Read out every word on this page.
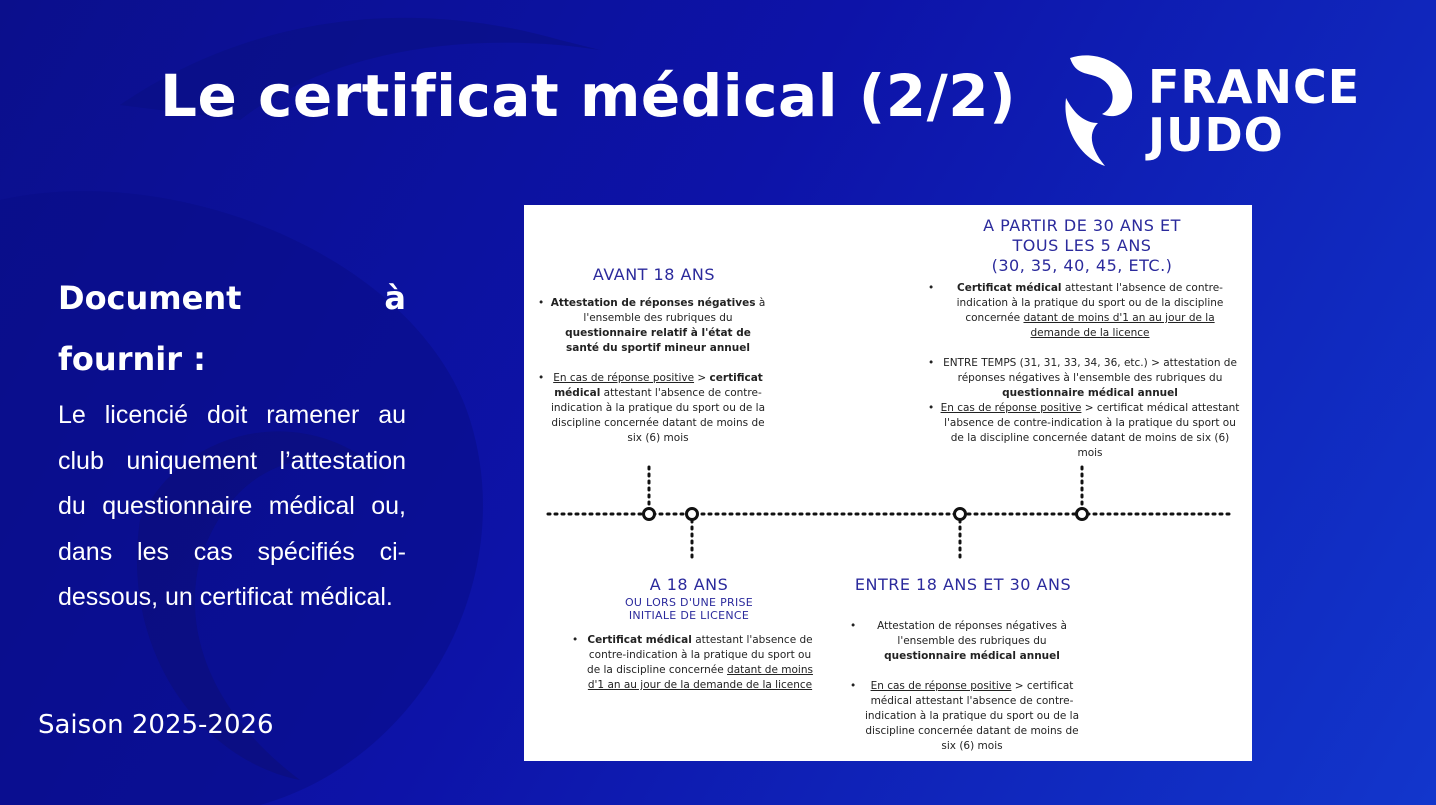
Le certificat médical (2/2)	FRANCE
JUDO
Document à fournir :
Le licencié doit ramener au club uniquement l’attestation du questionnaire médical ou, dans les cas spécifiés ci-dessous, un certificat médical.
Saison 2025-2026
AVANT 18 ANS
• Attestation de réponses négatives à l'ensemble des rubriques du questionnaire relatif à l'état de santé du sportif mineur annuel
• En cas de réponse positive > certificat médical attestant l'absence de contre-indication à la pratique du sport ou de la discipline concernée datant de moins de six (6) mois
A PARTIR DE 30 ANS ET
TOUS LES 5 ANS
(30, 35, 40, 45, ETC.)
• Certificat médical attestant l'absence de contre-indication à la pratique du sport ou de la discipline concernée datant de moins d'1 an au jour de la demande de la licence
• ENTRE TEMPS (31, 31, 33, 34, 36, etc.) > attestation de réponses négatives à l'ensemble des rubriques du questionnaire médical annuel
• En cas de réponse positive > certificat médical attestant l'absence de contre-indication à la pratique du sport ou de la discipline concernée datant de moins de six (6) mois
A 18 ANS
OU LORS D'UNE PRISE
INITIALE DE LICENCE
• Certificat médical attestant l'absence de contre-indication à la pratique du sport ou de la discipline concernée datant de moins d'1 an au jour de la demande de la licence
ENTRE 18 ANS ET 30 ANS
• Attestation de réponses négatives à l'ensemble des rubriques du questionnaire médical annuel
• En cas de réponse positive > certificat médical attestant l'absence de contre-indication à la pratique du sport ou de la discipline concernée datant de moins de six (6) mois
